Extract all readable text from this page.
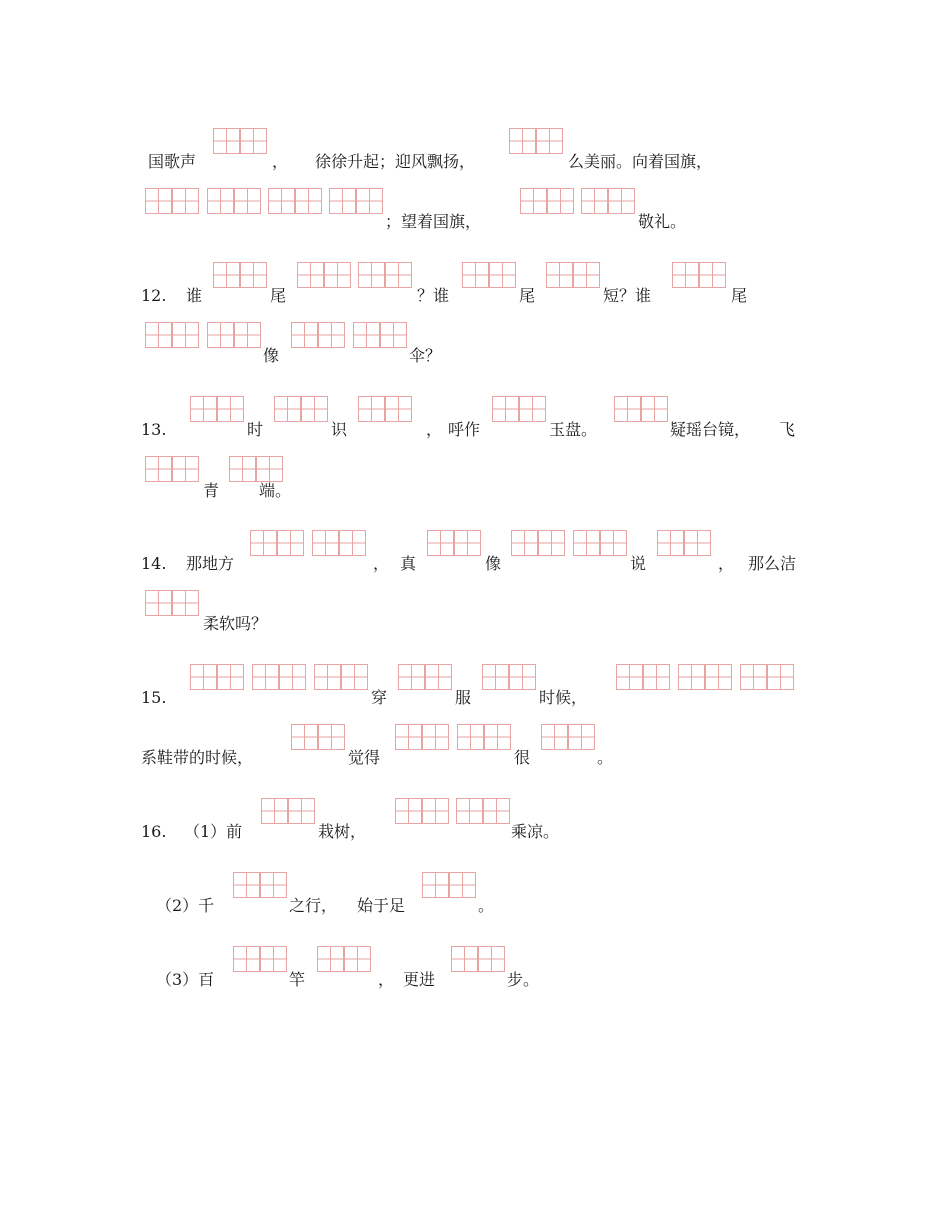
国歌声	， 徐徐升起；迎风飘扬，	么美丽。向着国旗，
；望着国旗，	敬礼。
12. 谁	尾	？谁	尾	短？谁	尾
像	伞？
13.	时	识	， 呼作	玉盘。	疑瑶台镜， 飞
青 端。
14. 那地方	， 真	像	说	， 那么洁
柔软吗？
15.	穿	服	时候，
系鞋带的时候，	觉得	很	。
16. （1）前	栽树，	乘凉。
（2）千	之行， 始于足	。
（3）百	竿	， 更进	步。
